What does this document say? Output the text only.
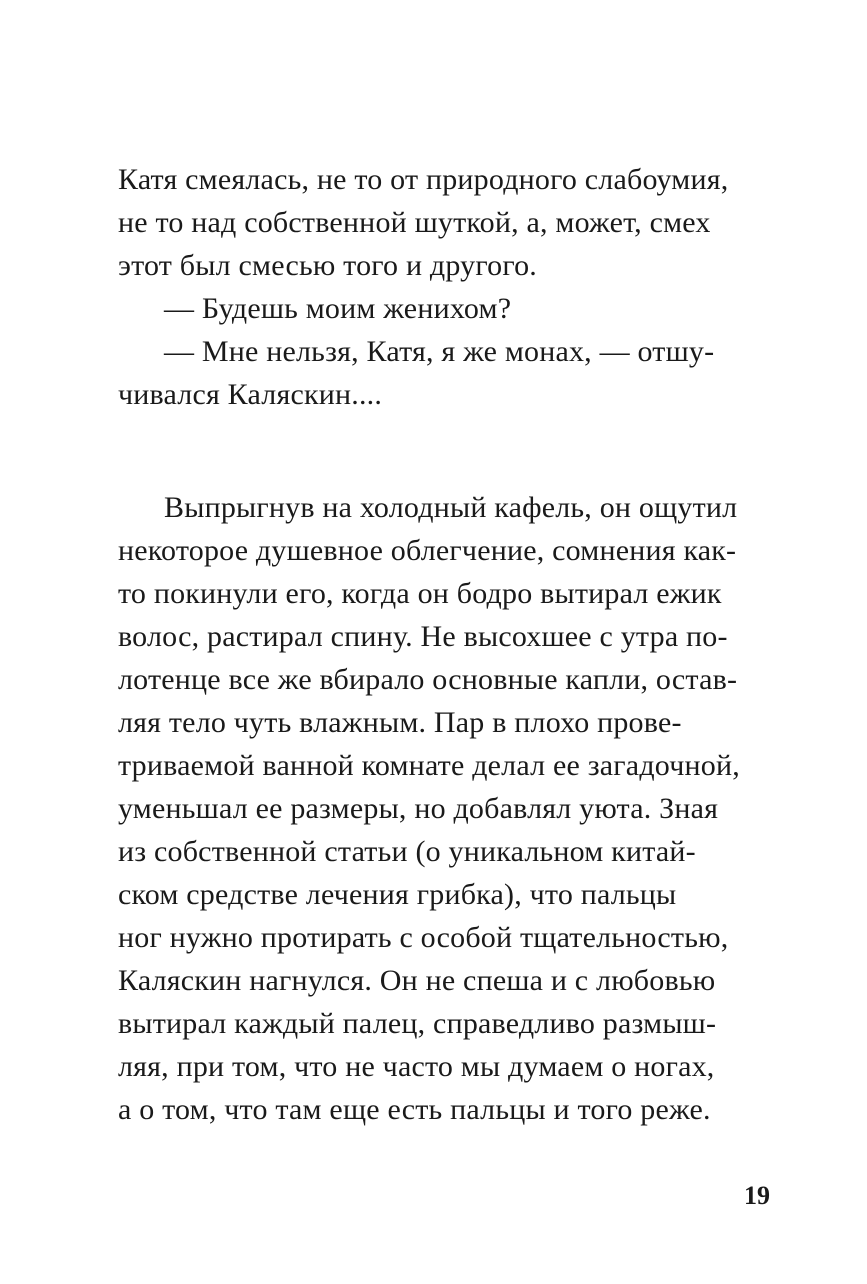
Катя смеялась, не то от природного слабоумия,
не то над собственной шуткой, а, может, смех
этот был смесью того и другого.
— Будешь моим женихом?
— Мне нельзя, Катя, я же монах, — отшу-
чивался Каляскин....
Выпрыгнув на холодный кафель, он ощутил
некоторое душевное облегчение, сомнения как-
то покинули его, когда он бодро вытирал ежик
волос, растирал спину. Не высохшее с утра по-
лотенце все же вбирало основные капли, остав-
ляя тело чуть влажным. Пар в плохо прове-
триваемой ванной комнате делал ее загадочной,
уменьшал ее размеры, но добавлял уюта. Зная
из собственной статьи (о уникальном китай-
ском средстве лечения грибка), что пальцы
ног нужно протирать с особой тщательностью,
Каляскин нагнулся. Он не спеша и с любовью
вытирал каждый палец, справедливо размыш-
ляя, при том, что не часто мы думаем о ногах,
а о том, что там еще есть пальцы и того реже.
19
